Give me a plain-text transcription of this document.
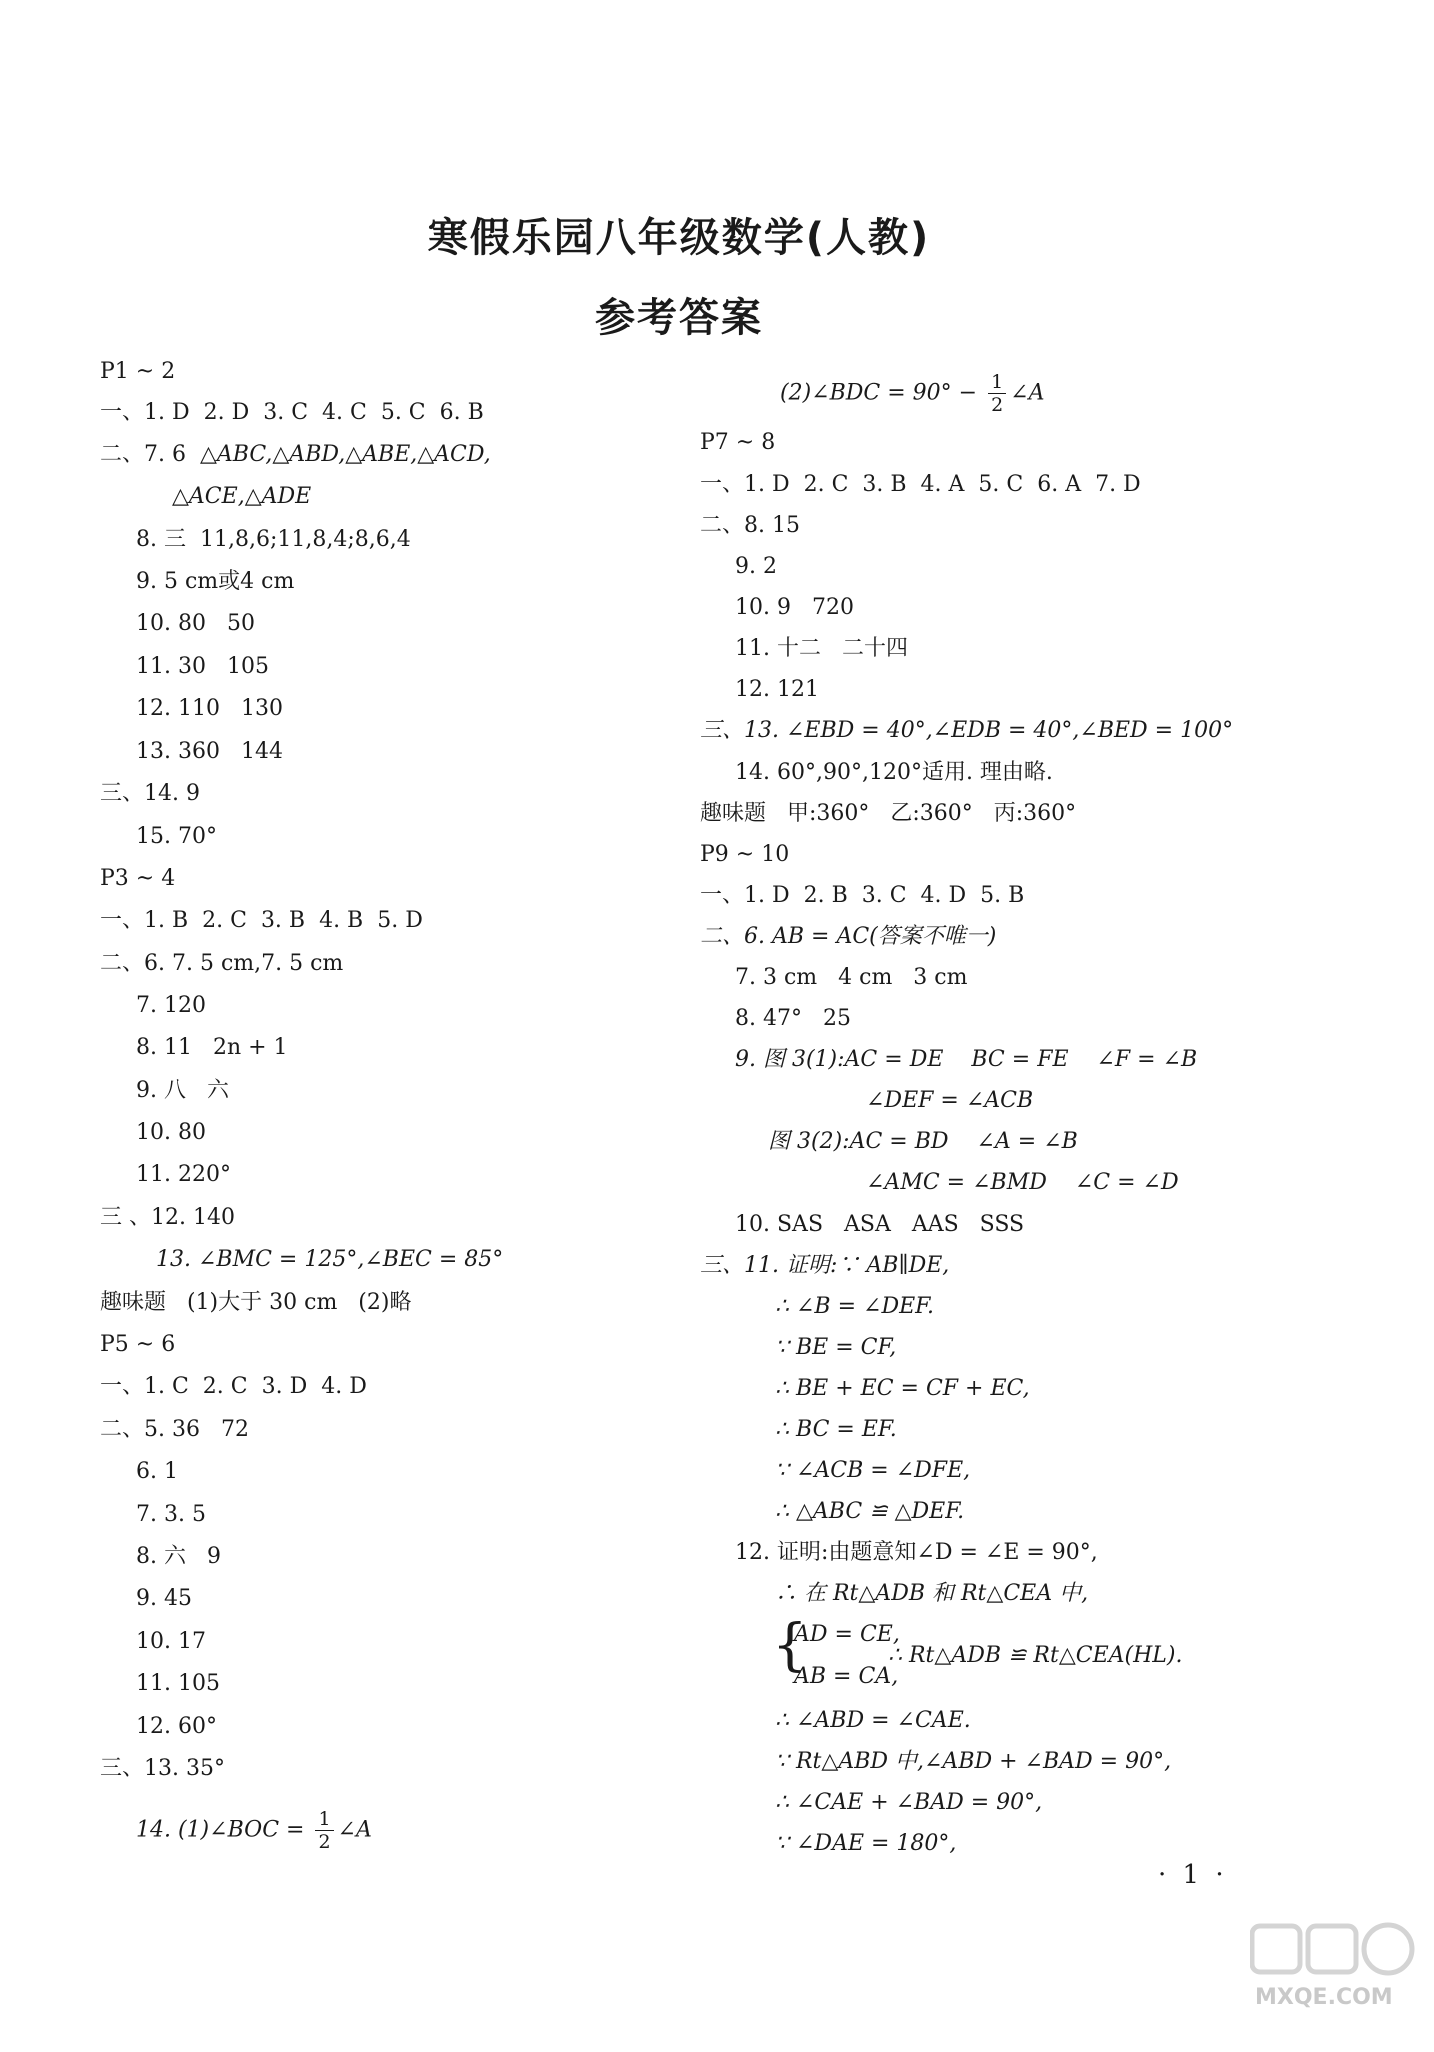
寒假乐园八年级数学(人教)
参考答案
P1 ~ 2
一、1. D  2. D  3. C  4. C  5. C  6. B
二、7. 6  △ABC,△ABD,△ABE,△ACD,
△ACE,△ADE
8. 三  11,8,6;11,8,4;8,6,4
9. 5 cm或4 cm
10. 80   50
11. 30   105
12. 110   130
13. 360   144
三、14. 9
15. 70°
P3 ~ 4
一、1. B  2. C  3. B  4. B  5. D
二、6. 7. 5 cm,7. 5 cm
7. 120
8. 11   2n + 1
9. 八   六
10. 80
11. 220°
三 、12. 140
13. ∠BMC = 125°,∠BEC = 85°
趣味题   (1)大于 30 cm   (2)略
P5 ~ 6
一、1. C  2. C  3. D  4. D
二、5. 36   72
6. 1
7. 3. 5
8. 六   9
9. 45
10. 17
11. 105
12. 60°
三、13. 35°
14. (1)∠BOC = $\frac{1}{2}$ ∠A
(2)∠BDC = $90^\circ - \frac{1}{2}$ ∠A
P7 ~ 8
一、1. D  2. C  3. B  4. A  5. C  6. A  7. D
二、8. 15
9. 2
10. 9   720
11. 十二   二十四
12. 121
三、13. ∠EBD = 40°,∠EDB = 40°,∠BED = 100°
14. 60°,90°,120°适用. 理由略.
趣味题   甲:360°   乙:360°   丙:360°
P9 ~ 10
一、1. D  2. B  3. C  4. D  5. B
二、6. AB = AC(答案不唯一)
7. 3 cm   4 cm   3 cm
8. 47°   25
9. 图 3(1):AC = DE    BC = FE    ∠F = ∠B
∠DEF = ∠ACB
图 3(2):AC = BD    ∠A = ∠B
∠AMC = ∠BMD    ∠C = ∠D
10. SAS   ASA   AAS   SSS
三、11. 证明:∵ AB∥DE,
∴ ∠B = ∠DEF.
∵ BE = CF,
∴ BE + EC = CF + EC,
∴ BC = EF.
∵ ∠ACB = ∠DFE,
∴ △ABC ≌ △DEF.
12. 证明:由题意知∠D = ∠E = 90°,
∴ 在 Rt△ADB 和 Rt△CEA 中,
{
AD = CE,
∴ Rt△ADB ≌ Rt△CEA(HL).
AB = CA,
∴ ∠ABD = ∠CAE.
∵ Rt△ABD 中,∠ABD + ∠BAD = 90°,
∴ ∠CAE + ∠BAD = 90°,
∵ ∠DAE = 180°,
· 1 ·
MXQE.COM
